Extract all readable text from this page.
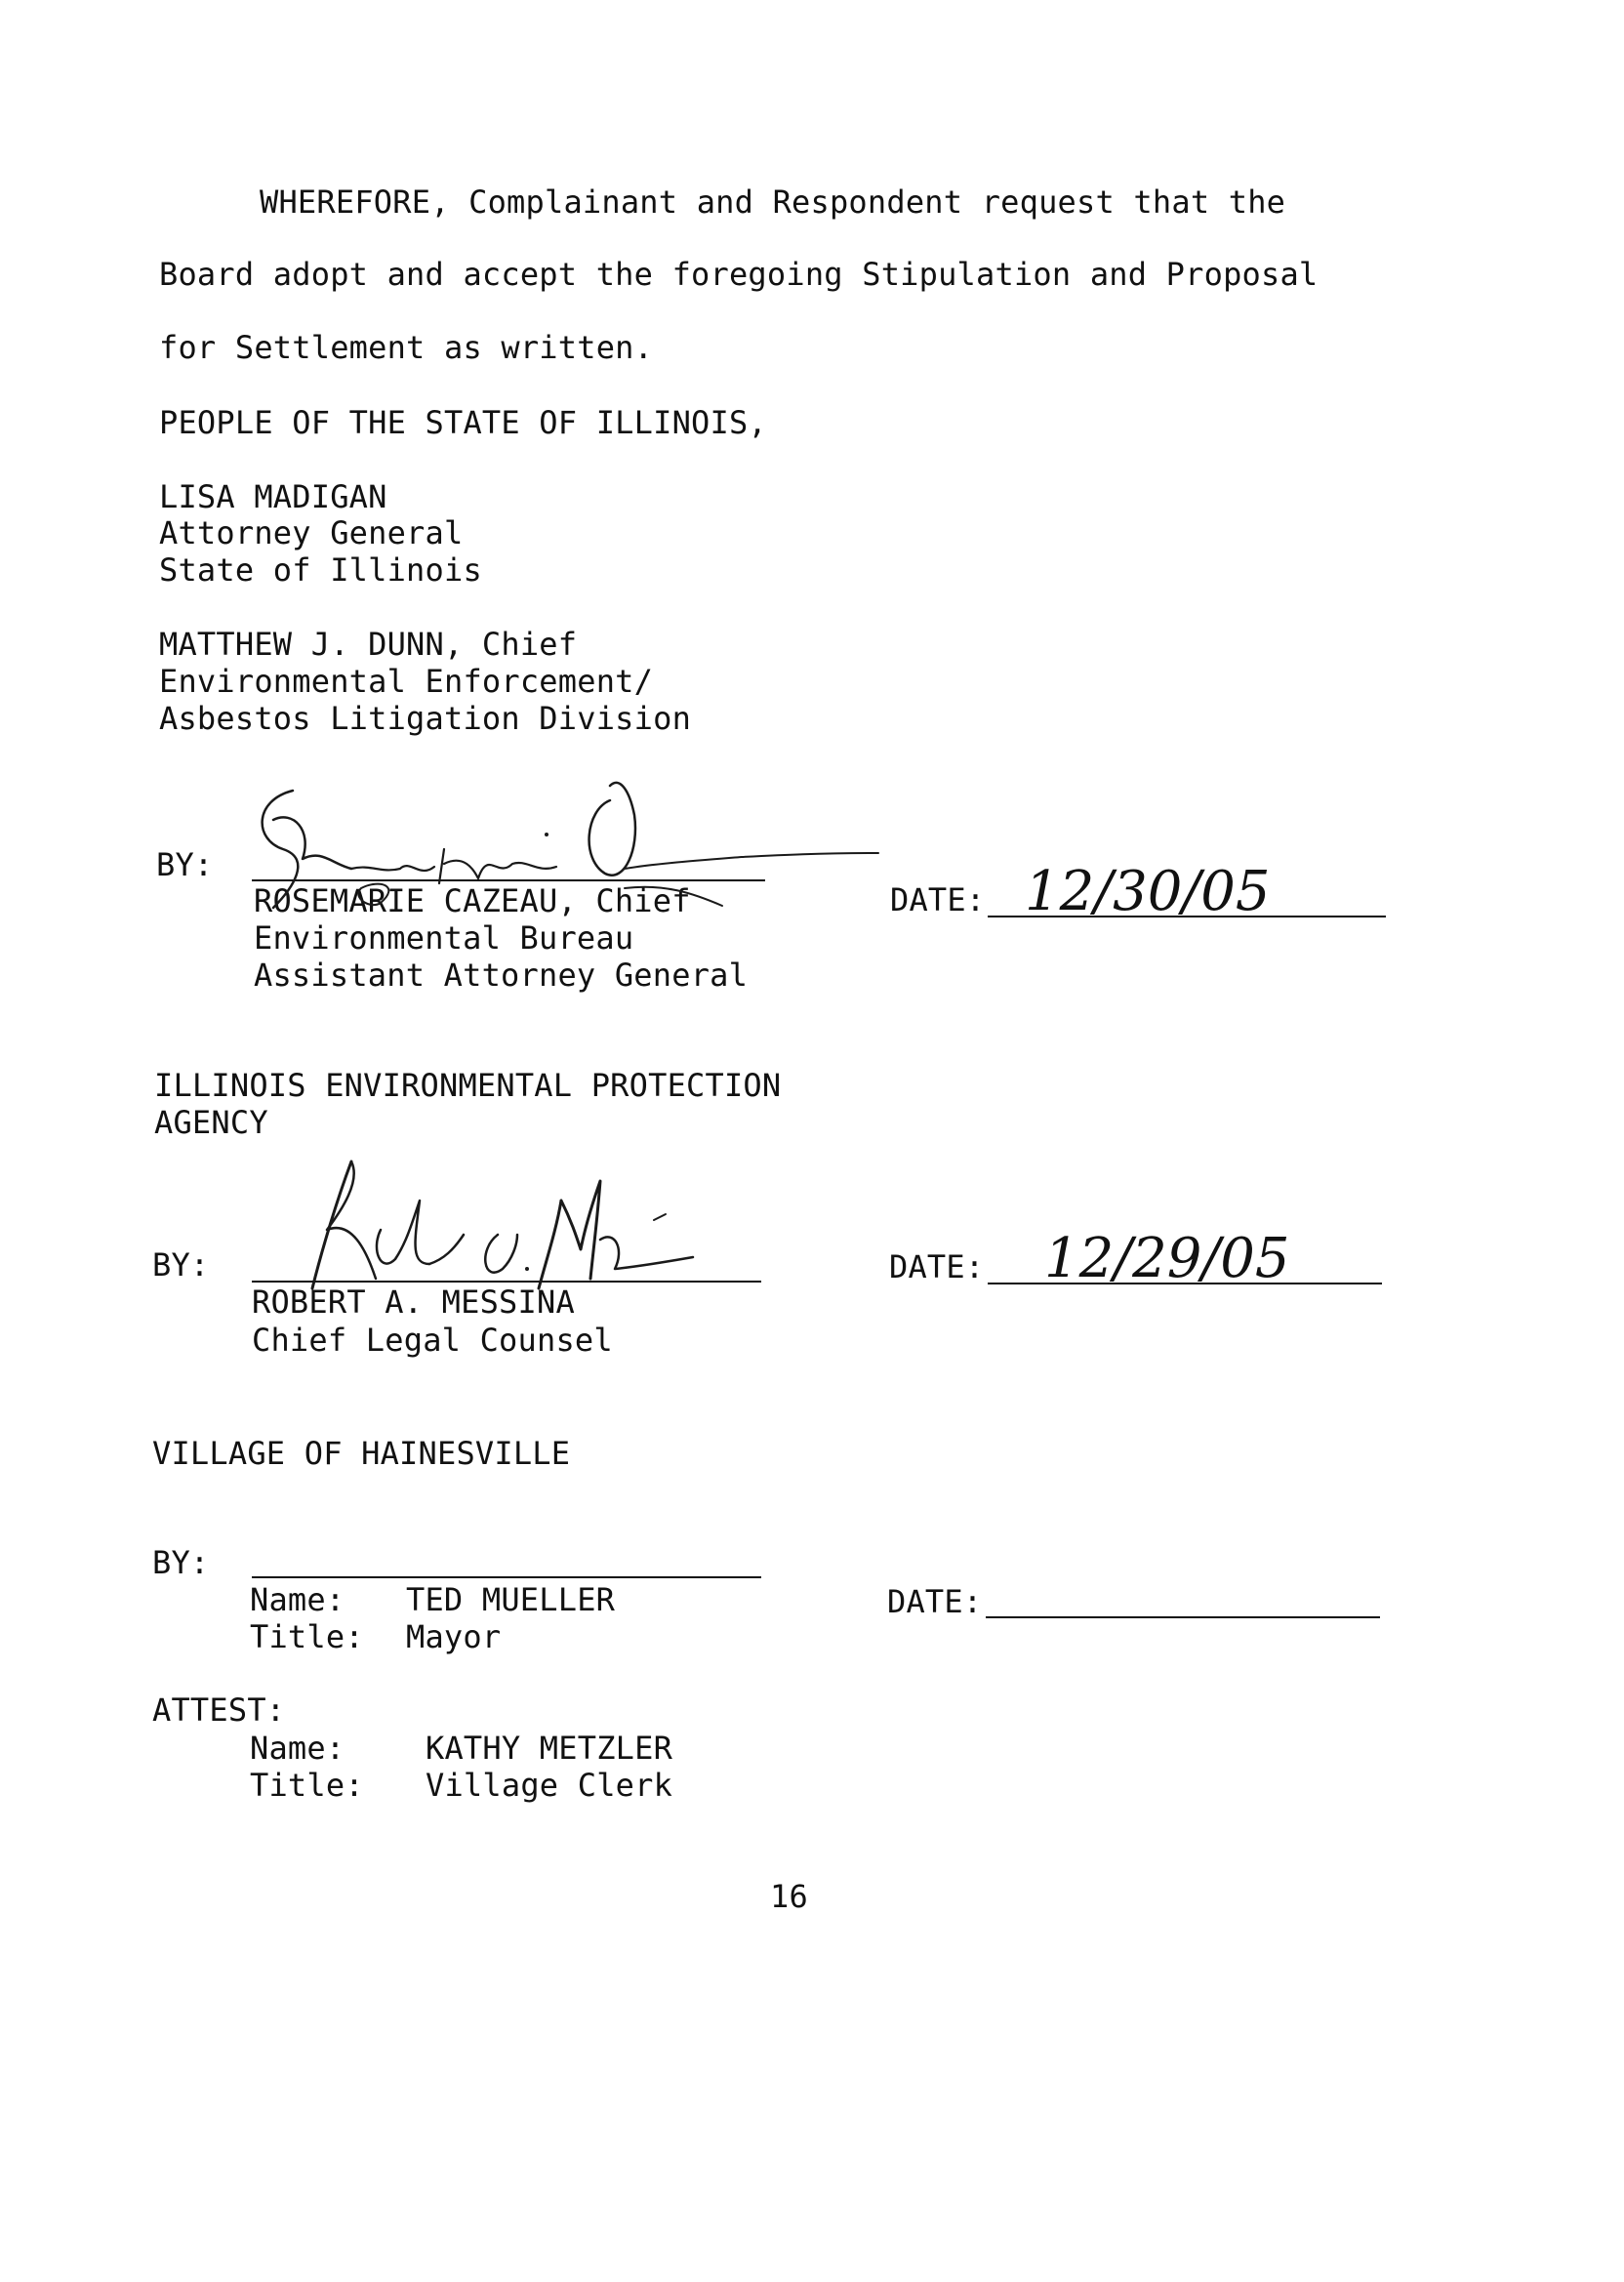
WHEREFORE, Complainant and Respondent request that the
Board adopt and accept the foregoing Stipulation and Proposal
for Settlement as written.
PEOPLE OF THE STATE OF ILLINOIS,
LISA MADIGAN
Attorney General
State of Illinois
MATTHEW J. DUNN, Chief
Environmental Enforcement/
Asbestos Litigation Division
BY:
ROSEMARIE CAZEAU, Chief
Environmental Bureau
Assistant Attorney General
DATE: 12/30/05
ILLINOIS ENVIRONMENTAL PROTECTION
AGENCY
BY:
ROBERT A. MESSINA
Chief Legal Counsel
DATE: 12/29/05
VILLAGE OF HAINESVILLE
BY:
Name: TED MUELLER
Title: Mayor
DATE:
ATTEST:
Name:	KATHY METZLER
Title: Village Clerk
16
